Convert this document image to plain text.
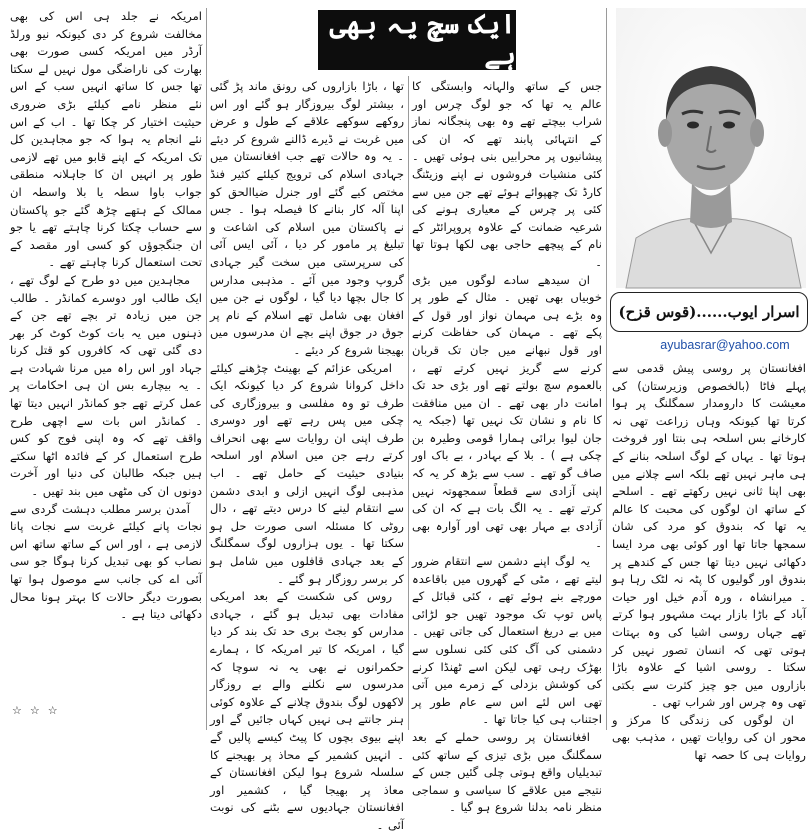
ایک سچ یہ بھی ہے
اسرار ایوب......(قوس قزح)
ayubasrar@yahoo.com

افغانستان پر روسی پیش قدمی سے پہلے فاٹا (بالخصوص وزیرستان) کی معیشت کا دارومدار سمگلنگ پر ہوا کرتا تھا کیونکہ وہاں زراعت تھی نہ کارخانے بس اسلحہ ہی بنتا اور فروخت ہوتا تھا ۔ یہاں کے لوگ اسلحہ بنانے کے ہی ماہر نہیں تھے بلکہ اسے چلانے میں بھی اپنا ثانی نہیں رکھتے تھے ۔ اسلحے کے ساتھ ان لوگوں کی محبت کا عالم یہ تھا کہ بندوق کو مرد کی شان سمجھا جاتا تھا اور کوئی بھی مرد ایسا دکھائی نہیں دیتا تھا جس کے کندھے پر بندوق اور گولیوں کا پٹہ نہ لٹک رہا ہو ۔ میرانشاہ ، ورہ آدم خیل اور حیات آباد کے باڑا بازار بہت مشہور ہوا کرتے تھے جہاں روسی اشیا کی وہ بہتات ہوتی تھی کہ انسان تصور نہیں کر سکتا ۔ روسی اشیا کے علاوہ باڑا بازاروں میں جو چیز کثرت سے بکتی تھی وہ چرس اور شراب تھی ۔

ان لوگوں کی زندگی کا مرکز و محور ان کی روایات تھیں ، مذہب بھی روایات ہی کا حصہ تھا

جس کے ساتھ والہانہ وابستگی کا عالم یہ تھا کہ جو لوگ چرس اور شراب بیچتے تھے وہ بھی پنجگانہ نماز کے انتہائی پابند تھے کہ ان کی پیشانیوں پر محرابیں بنی ہوئی تھیں ۔ کئی منشیات فروشوں نے اپنے وزیٹنگ کارڈ تک چھپوائے ہوئے تھے جن میں سے کئی پر چرس کے معیاری ہونے کی شرعیہ ضمانت کے علاوہ پروپرائٹر کے نام کے پیچھے حاجی بھی لکھا ہوتا تھا ۔

ان سیدھے سادے لوگوں میں بڑی خوبیاں بھی تھیں ۔ مثال کے طور پر وہ بڑے ہی مہمان نواز اور قول کے پکے تھے ۔ مہمان کی حفاظت کرنے اور قول نبھانے میں جان تک قربان کرنے سے گریز نہیں کرتے تھے ، بالعموم سچ بولتے تھے اور بڑی حد تک امانت دار بھی تھے ۔ ان میں منافقت کا نام و نشان تک نہیں تھا (جبکہ یہ جان لیوا برائی ہمارا قومی وطیرہ بن چکی ہے ) ۔ بلا کے بہادر ، بے باک اور صاف گو تھے ۔ سب سے بڑھ کر یہ کہ اپنی آزادی سے قطعاً سمجھوتہ نہیں کرتے تھے ۔ یہ الگ بات ہے کہ ان کی آزادی بے مہار بھی تھی اور آوارہ بھی ۔

یہ لوگ اپنے دشمن سے انتقام ضرور لیتے تھے ، مٹی کے گھروں میں باقاعدہ مورچے بنے ہوئے تھے ، کئی قبائل کے پاس توپ تک موجود تھیں جو لڑائی میں بے دریغ استعمال کی جاتی تھیں ۔ دشمنی کی آگ کئی کئی نسلوں سے بھڑک رہی تھی لیکن اسے ٹھنڈا کرنے کی کوشش بزدلی کے زمرے میں آتی تھی اس لئے اس سے عام طور پر اجتناب ہی کیا جاتا تھا ۔

افغانستان پر روسی حملے کے بعد سمگلنگ میں بڑی تیزی کے ساتھ کئی تبدیلیاں واقع ہوتی چلی گئیں جس کے نتیجے میں علاقے کا سیاسی و سماجی منظر نامہ بدلنا شروع ہو گیا ۔

تھا ، باڑا بازاروں کی رونق ماند پڑ گئی ، بیشتر لوگ بیروزگار ہو گئے اور اس روکھے سوکھے علاقے کے طول و عرض میں غربت نے ڈیرے ڈالنے شروع کر دیئے ۔ یہ وہ حالات تھے جب افغانستان میں جہادی اسلام کی ترویج کیلئے کثیر فنڈ مختص کیے گئے اور جنرل ضیاالحق کو اپنا آلہ کار بنانے کا فیصلہ ہوا ۔ جس نے پاکستان میں اسلام کی اشاعت و تبلیغ پر مامور کر دیا ، آئی ایس آئی کی سرپرستی میں سخت گیر جہادی گروپ وجود میں آئے ۔ مذہبی مدارس کا جال بچھا دیا گیا ، لوگوں نے جن میں افغان بھی شامل تھے اسلام کے نام پر جوق در جوق اپنے بچے ان مدرسوں میں بھیجنا شروع کر دیئے ۔

امریکی عزائم کے بھینٹ چڑھنے کیلئے داخل کروانا شروع کر دیا کیونکہ ایک طرف تو وہ مفلسی و بیروزگاری کی چکی میں پس رہے تھے اور دوسری طرف اپنی ان روایات سے بھی انحراف کرتے رہے جن میں اسلام اور اسلحہ بنیادی حیثیت کے حامل تھے ۔ اب مذہبی لوگ انہیں ازلی و ابدی دشمن سے انتقام لینے کا درس دیتے تھے ، دال روٹی کا مسئلہ اسی صورت حل ہو سکتا تھا ۔ یوں ہزاروں لوگ سمگلنگ کے بعد جہادی قافلوں میں شامل ہو کر برسر روزگار ہو گئے ۔

روس کی شکست کے بعد امریکی مفادات بھی تبدیل ہو گئے ، جہادی مدارس کو بجٹ بری حد تک بند کر دیا گیا ، امریکہ کا تیر امریکہ کا ، ہمارے حکمرانوں نے بھی یہ نہ سوچا کہ مدرسوں سے نکلنے والے بے روزگار لاکھوں لوگ بندوق چلانے کے علاوہ کوئی ہنر جانتے ہی نہیں کہاں جائیں گے اور اپنے بیوی بچوں کا پیٹ کیسے پالیں گے ۔ انہیں کشمیر کے محاذ پر بھیجنے کا سلسلہ شروع ہوا لیکن افغانستان کے معاذ پر بھیجا گیا ، کشمیر اور افغانستان جہادیوں سے بٹنے کی نوبت آئی ۔

امریکہ نے جلد ہی اس کی بھی مخالفت شروع کر دی کیونکہ نیو ورلڈ آرڈر میں امریکہ کسی صورت بھی بھارت کی ناراضگی مول نہیں لے سکتا تھا جس کا ساتھ انہیں سب کے اس نئے منظر نامے کیلئے بڑی ضروری حیثیت اختیار کر چکا تھا ۔ اب کے اس نئے انجام یہ ہوا کہ جو مجاہدین کل تک امریکہ کے اپنے قابو میں تھے لازمی طور پر انہیں ان کا جاہلانہ منطقی جواب باوا سطہ یا بلا واسطہ ان ممالک کے ہتھے چڑھ گئے جو پاکستان سے حساب چکتا کرنا چاہتے تھے یا جو ان جنگجوؤں کو کسی اور مقصد کے تحت استعمال کرنا چاہتے تھے ۔

مجاہدین میں دو طرح کے لوگ تھے ، ایک طالب اور دوسرے کمانڈر ۔ طالب جن میں زیادہ تر بچے تھے جن کے ذہنوں میں یہ بات کوٹ کوٹ کر بھر دی گئی تھی کہ کافروں کو قتل کرنا جہاد اور اس راہ میں مرنا شہادت ہے ۔ یہ بیچارے بس ان ہی احکامات پر عمل کرتے تھے جو کمانڈر انہیں دیتا تھا ۔ کمانڈر اس بات سے اچھی طرح واقف تھے کہ وہ اپنی فوج کو کس طرح استعمال کر کے فائدہ اٹھا سکتے ہیں جبکہ طالبان کی دنیا اور آخرت دونوں ان کی مٹھی میں بند تھیں ۔

آمدن برسر مطلب دہشت گردی سے نجات پانے کیلئے غربت سے نجات پانا لازمی ہے ، اور اس کے ساتھ ساتھ اس نصاب کو بھی تبدیل کرنا ہوگا جو سی آئی اے کی جانب سے موصول ہوا تھا بصورت دیگر حالات کا بہتر ہونا محال دکھائی دیتا ہے ۔

☆☆☆
